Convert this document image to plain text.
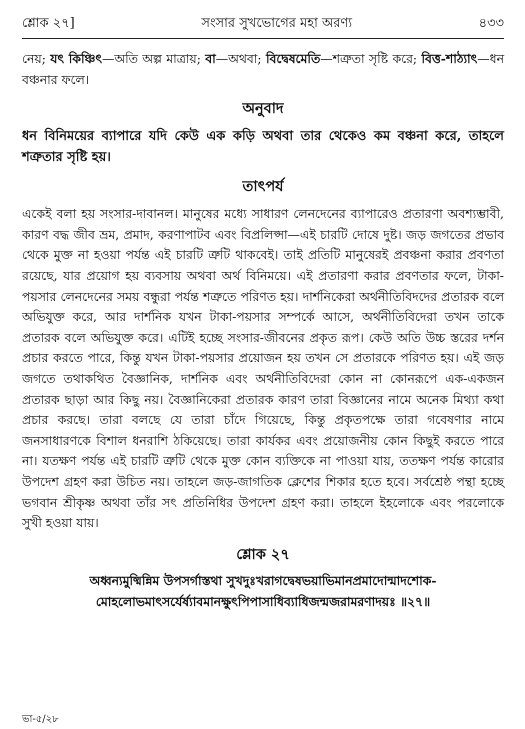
শ্লোক ২৭]	সংসার সুখভোগের মহা অরণ্য	৪৩৩
নেয়; যৎ কিঞ্চিৎ—অতি অল্প মাত্রায়; বা—অথবা; বিদ্বেষমেতি—শত্রুতা সৃষ্টি করে; বিত্ত-শাঠ্যাৎ—ধন বঞ্চনার ফলে।
অনুবাদ
ধন বিনিময়ের ব্যাপারে যদি কেউ এক কড়ি অথবা তার থেকেও কম বঞ্চনা করে, তাহলে শত্রুতার সৃষ্টি হয়।
তাৎপর্য

একেই বলা হয় সংসার-দাবানল। মানুষের মধ্যে সাধারণ লেনদেনের ব্যাপারেও প্রতারণা অবশ্যম্ভাবী, কারণ বদ্ধ জীব ভ্রম, প্রমাদ, করণাপাটব এবং বিপ্রলিপ্সা—এই চারটি দোষে দুষ্ট। জড় জগতের প্রভাব থেকে মুক্ত না হওয়া পর্যন্ত এই চারটি ত্রুটি থাকবেই। তাই প্রতিটি মানুষেরই প্রবঞ্চনা করার প্রবণতা রয়েছে, যার প্রয়োগ হয় ব্যবসায় অথবা অর্থ বিনিময়ে। এই প্রতারণা করার প্রবণতার ফলে, টাকা-পয়সার লেনদেনের সময় বন্ধুরা পর্যন্ত শত্রুতে পরিণত হয়। দার্শনিকেরা অর্থনীতিবিদদের প্রতারক বলে অভিযুক্ত করে, আর দার্শনিক যখন টাকা-পয়সার সম্পর্কে আসে, অর্থনীতিবিদেরা তখন তাকে প্রতারক বলে অভিযুক্ত করে। এটিই হচ্ছে সংসার-জীবনের প্রকৃত রূপ। কেউ অতি উচ্চ স্তরের দর্শন প্রচার করতে পারে, কিন্তু যখন টাকা-পয়সার প্রয়োজন হয় তখন সে প্রতারকে পরিণত হয়। এই জড় জগতে তথাকথিত বৈজ্ঞানিক, দার্শনিক এবং অর্থনীতিবিদেরা কোন না কোনরূপে এক-একজন প্রতারক ছাড়া আর কিছু নয়। বৈজ্ঞানিকেরা প্রতারক কারণ তারা বিজ্ঞানের নামে অনেক মিথ্যা কথা প্রচার করছে। তারা বলছে যে তারা চাঁদে গিয়েছে, কিন্তু প্রকৃতপক্ষে তারা গবেষণার নামে জনসাধারণকে বিশাল ধনরাশি ঠকিয়েছে। তারা কার্যকর এবং প্রয়োজনীয় কোন কিছুই করতে পারে না। যতক্ষণ পর্যন্ত এই চারটি ত্রুটি থেকে মুক্ত কোন ব্যক্তিকে না পাওয়া যায়, ততক্ষণ পর্যন্ত কারোর উপদেশ গ্রহণ করা উচিত নয়। তাহলে জড়-জাগতিক ক্লেশের শিকার হতে হবে। সর্বশ্রেষ্ঠ পন্থা হচ্ছে ভগবান শ্রীকৃষ্ণ অথবা তাঁর সৎ প্রতিনিধির উপদেশ গ্রহণ করা। তাহলে ইহলোকে এবং পরলোকে সুখী হওয়া যায়।

শ্লোক ২৭
অধ্বন্যমুষ্মিন্নিম উপসর্গাস্তথা সুখদুঃখরাগদ্বেষভয়াভিমানপ্রমাদোন্মাদশোক-
মোহলোভমাৎসর্যের্ষ্যাবমানক্ষুৎপিপাসাধিব্যাধিজন্মজরামরণাদয়ঃ ॥২৭॥
ভা-৫/২৮
